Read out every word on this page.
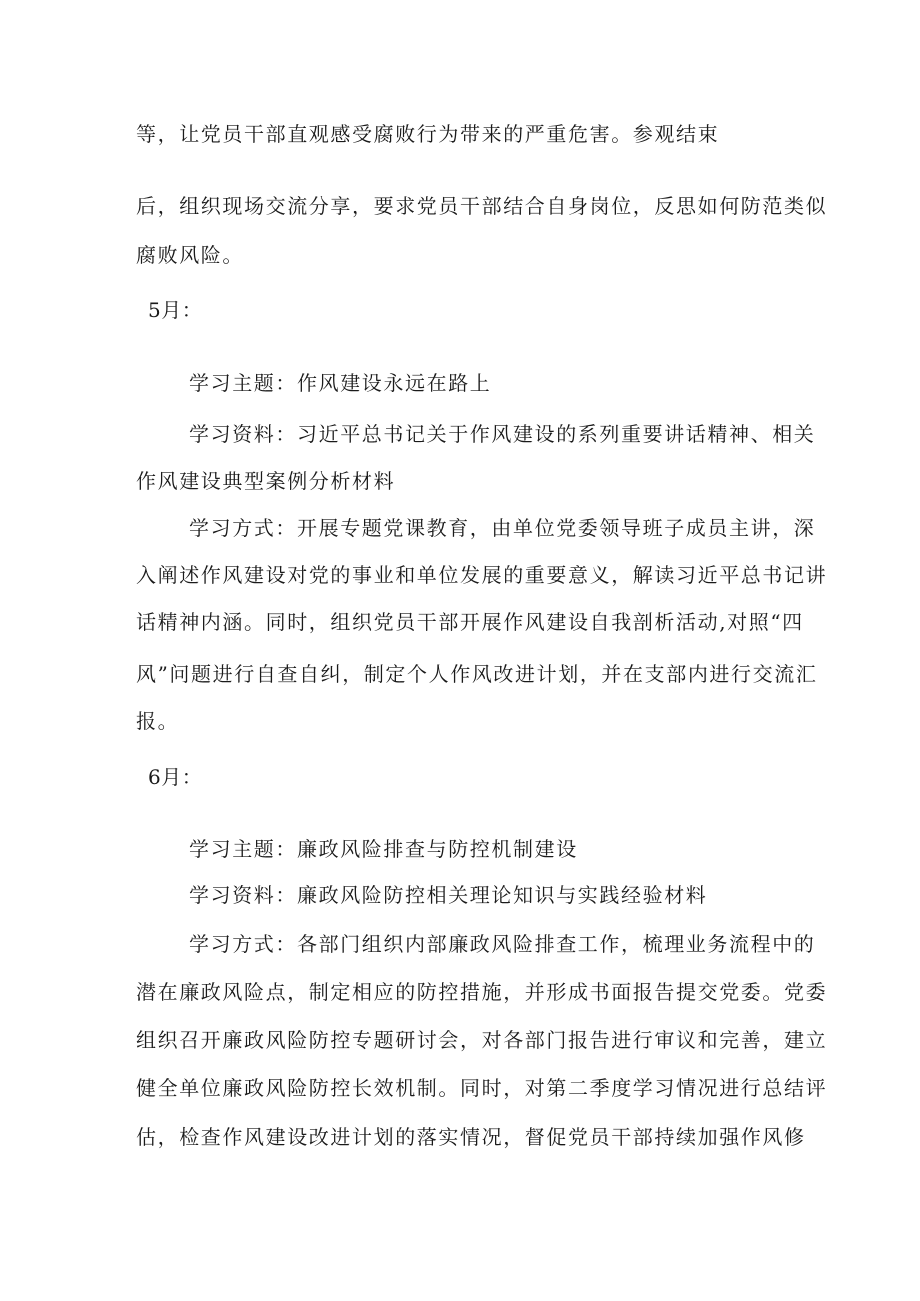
等，让党员干部直观感受腐败行为带来的严重危害。参观结束

后，组织现场交流分享，要求党员干部结合自身岗位，反思如何防范类似

腐败风险。

5月：

学习主题：作风建设永远在路上

学习资料：习近平总书记关于作风建设的系列重要讲话精神、相关

作风建设典型案例分析材料

学习方式：开展专题党课教育，由单位党委领导班子成员主讲，深

入阐述作风建设对党的事业和单位发展的重要意义，解读习近平总书记讲

话精神内涵。同时，组织党员干部开展作风建设自我剖析活动,对照“四

风”问题进行自查自纠，制定个人作风改进计划，并在支部内进行交流汇

报。

6月：

学习主题：廉政风险排查与防控机制建设

学习资料：廉政风险防控相关理论知识与实践经验材料

学习方式：各部门组织内部廉政风险排查工作，梳理业务流程中的

潜在廉政风险点，制定相应的防控措施，并形成书面报告提交党委。党委

组织召开廉政风险防控专题研讨会，对各部门报告进行审议和完善，建立

健全单位廉政风险防控长效机制。同时，对第二季度学习情况进行总结评

估，检查作风建设改进计划的落实情况，督促党员干部持续加强作风修
